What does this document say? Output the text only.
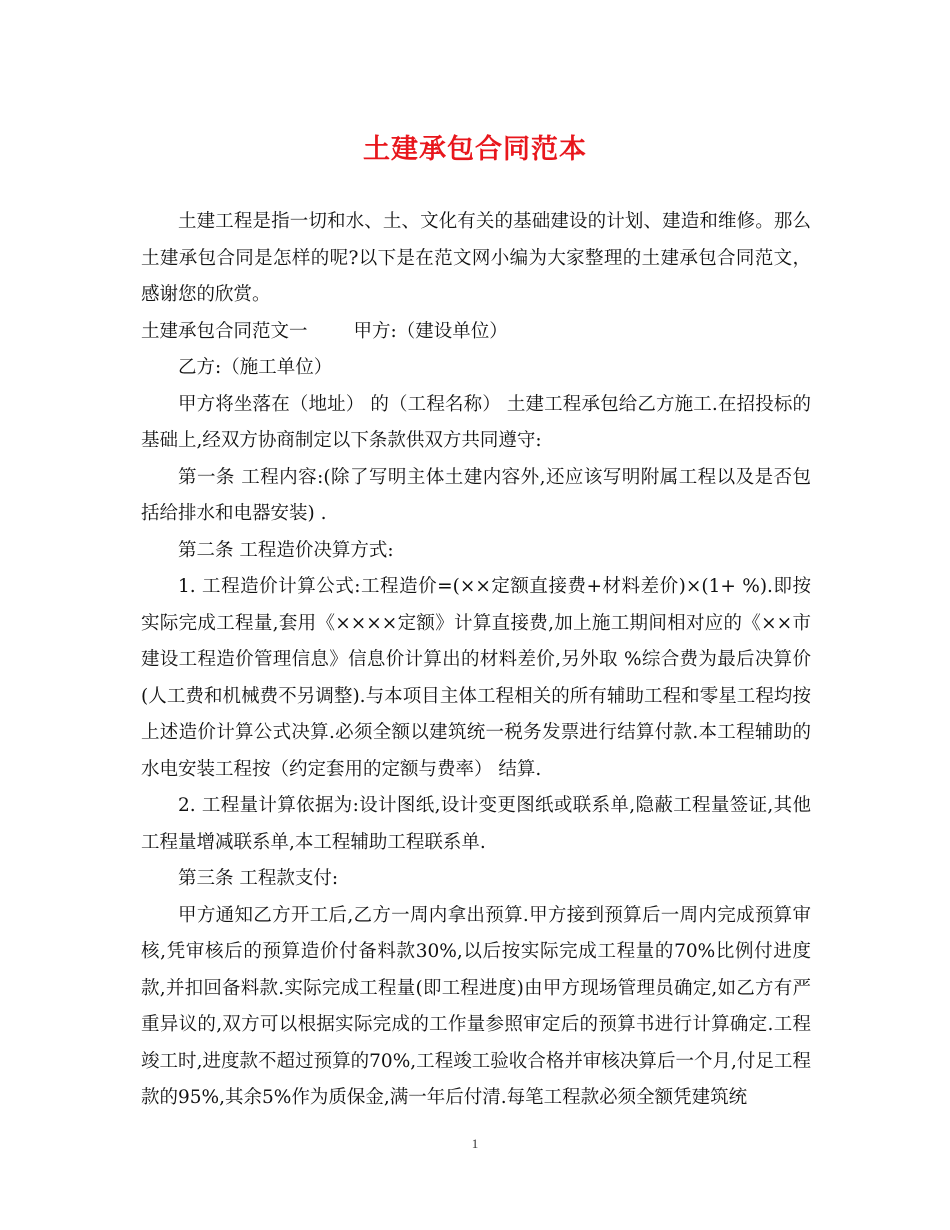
土建承包合同范本

土建工程是指一切和水、土、文化有关的基础建设的计划、建造和维修。那么土建承包合同是怎样的呢?以下是在范文网小编为大家整理的土建承包合同范文，感谢您的欣赏。

土建承包合同范文一 甲方:（建设单位）

乙方:（施工单位）

甲方将坐落在（地址） 的（工程名称） 土建工程承包给乙方施工.在招投标的基础上,经双方协商制定以下条款供双方共同遵守:

第一条 工程内容:(除了写明主体土建内容外,还应该写明附属工程以及是否包括给排水和电器安装) .

第二条 工程造价决算方式:

1. 工程造价计算公式:工程造价=(××定额直接费+材料差价)×(1+ %).即按实际完成工程量,套用《××××定额》计算直接费,加上施工期间相对应的《××市建设工程造价管理信息》信息价计算出的材料差价,另外取 %综合费为最后决算价(人工费和机械费不另调整).与本项目主体工程相关的所有辅助工程和零星工程均按上述造价计算公式决算.必须全额以建筑统一税务发票进行结算付款.本工程辅助的水电安装工程按（约定套用的定额与费率） 结算.

2. 工程量计算依据为:设计图纸,设计变更图纸或联系单,隐蔽工程量签证,其他工程量增减联系单,本工程辅助工程联系单.

第三条 工程款支付:

甲方通知乙方开工后,乙方一周内拿出预算.甲方接到预算后一周内完成预算审核,凭审核后的预算造价付备料款30%,以后按实际完成工程量的70%比例付进度款,并扣回备料款.实际完成工程量(即工程进度)由甲方现场管理员确定,如乙方有严重异议的,双方可以根据实际完成的工作量参照审定后的预算书进行计算确定.工程竣工时,进度款不超过预算的70%,工程竣工验收合格并审核决算后一个月,付足工程款的95%,其余5%作为质保金,满一年后付清.每笔工程款必须全额凭建筑统

1
